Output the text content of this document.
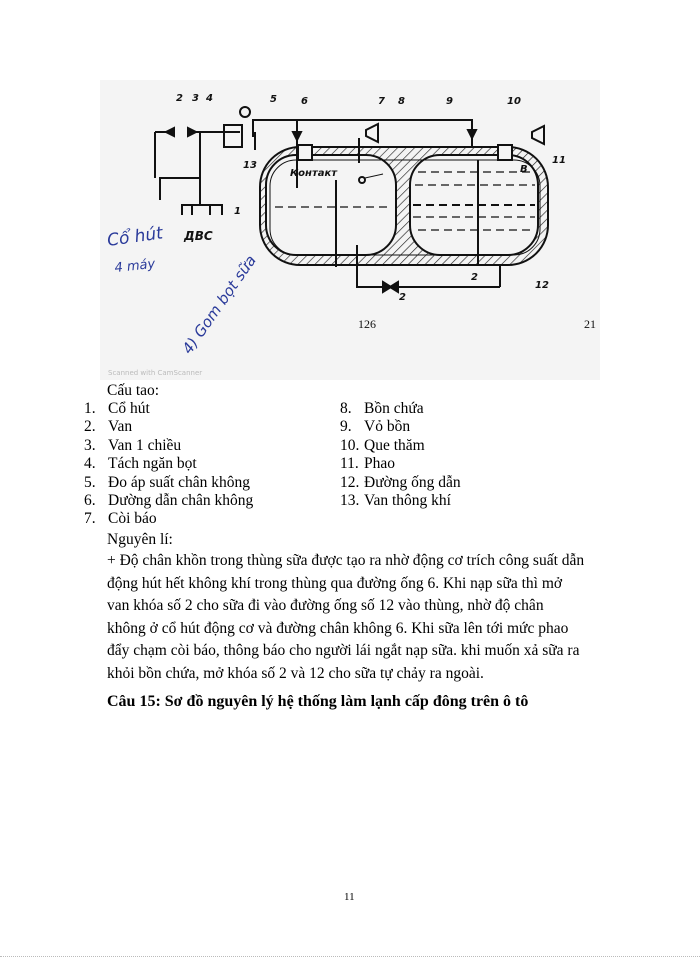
2 3 4	5 6	7 8	9	10
11
12
13
1
2
2
B
Контакт
ДВС
126	21
Cổ hút
4 máy 4) Gom bọt sữa
Scanned with CamScanner
Cấu tao:
1. Cổ hút
2. Van
3. Van 1 chiều
4. Tách ngăn bọt
5. Đo áp suất chân không
6. Dường dẫn chân không
7. Còi báo
8. Bồn chứa
9. Vỏ bồn
10. Que thăm
11. Phao
12. Đường ống dẫn
13. Van thông khí
Nguyên lí:
+ Độ chân khồn trong thùng sữa được tạo ra nhờ động cơ trích công suất dẫn
động hút hết không khí trong thùng qua đường ống 6. Khi nạp sữa thì mở
van khóa số 2 cho sữa đi vào đường ống số 12 vào thùng, nhờ độ chân
không ở cổ hút động cơ và đường chân không 6. Khi sữa lên tới mức phao
đẩy chạm còi báo, thông báo cho người lái ngắt nạp sữa. khi muốn xả sữa ra
khỏi bồn chứa, mở khóa số 2 và 12 cho sữa tự chảy ra ngoài.
Câu 15: Sơ đồ nguyên lý hệ thống làm lạnh cấp đông trên ô tô
11
